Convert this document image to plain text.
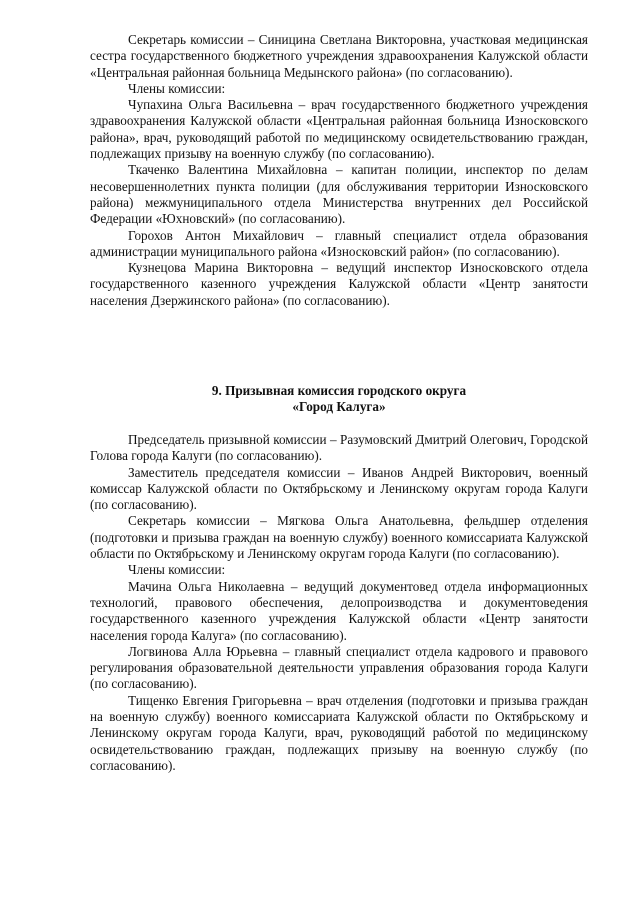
Секретарь комиссии – Синицина Светлана Викторовна, участковая медицинская сестра государственного бюджетного учреждения здравоохранения Калужской области «Центральная районная больница Медынского района» (по согласованию).

Члены комиссии:

Чупахина Ольга Васильевна – врач государственного бюджетного учреждения здравоохранения Калужской области «Центральная районная больница Износковского района», врач, руководящий работой по медицинскому освидетельствованию граждан, подлежащих призыву на военную службу (по согласованию).

Ткаченко Валентина Михайловна – капитан полиции, инспектор по делам несовершеннолетних пункта полиции (для обслуживания территории Износковского района) межмуниципального отдела Министерства внутренних дел Российской Федерации «Юхновский» (по согласованию).

Горохов Антон Михайлович – главный специалист отдела образования администрации муниципального района «Износковский район» (по согласованию).

Кузнецова Марина Викторовна – ведущий инспектор Износковского отдела государственного казенного учреждения Калужской области «Центр занятости населения Дзержинского района» (по согласованию).

9. Призывная комиссия городского округа
«Город Калуга»

Председатель призывной комиссии – Разумовский Дмитрий Олегович, Городской Голова города Калуги (по согласованию).

Заместитель председателя комиссии – Иванов Андрей Викторович, военный комиссар Калужской области по Октябрьскому и Ленинскому округам города Калуги (по согласованию).

Секретарь комиссии – Мягкова Ольга Анатольевна, фельдшер отделения (подготовки и призыва граждан на военную службу) военного комиссариата Калужской области по Октябрьскому и Ленинскому округам города Калуги (по согласованию).

Члены комиссии:

Мачина Ольга Николаевна – ведущий документовед отдела информационных технологий, правового обеспечения, делопроизводства и документоведения государственного казенного учреждения Калужской области «Центр занятости населения города Калуга» (по согласованию).

Логвинова Алла Юрьевна – главный специалист отдела кадрового и правового регулирования образовательной деятельности управления образования города Калуги (по согласованию).

Тищенко Евгения Григорьевна – врач отделения (подготовки и призыва граждан на военную службу) военного комиссариата Калужской области по Октябрьскому и Ленинскому округам города Калуги, врач, руководящий работой по медицинскому освидетельствованию граждан, подлежащих призыву на военную службу (по согласованию).
